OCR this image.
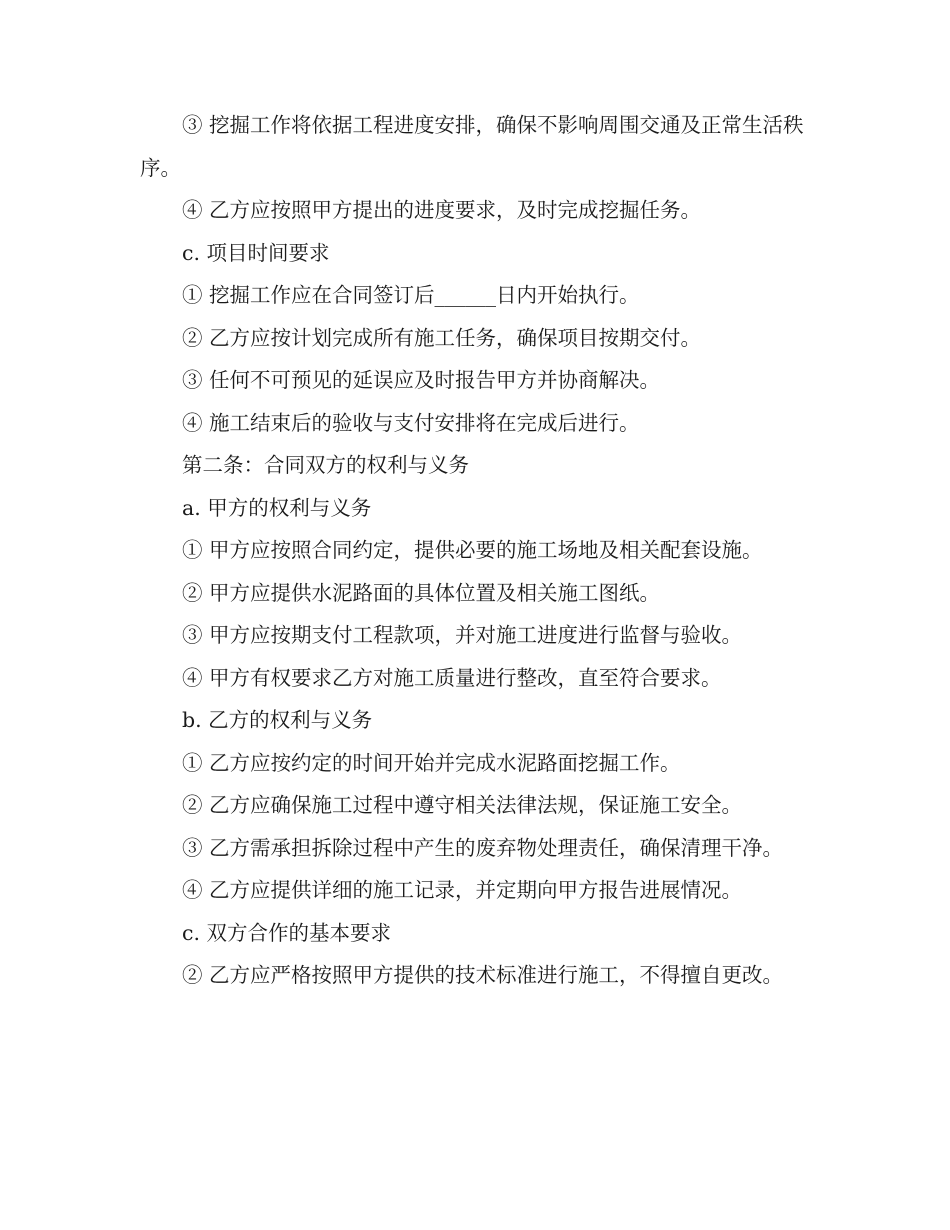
③ 挖掘工作将依据工程进度安排，确保不影响周围交通及正常生活秩序。

④ 乙方应按照甲方提出的进度要求，及时完成挖掘任务。

c. 项目时间要求

① 挖掘工作应在合同签订后______日内开始执行。

② 乙方应按计划完成所有施工任务，确保项目按期交付。

③ 任何不可预见的延误应及时报告甲方并协商解决。

④ 施工结束后的验收与支付安排将在完成后进行。

第二条：合同双方的权利与义务

a. 甲方的权利与义务

① 甲方应按照合同约定，提供必要的施工场地及相关配套设施。

② 甲方应提供水泥路面的具体位置及相关施工图纸。

③ 甲方应按期支付工程款项，并对施工进度进行监督与验收。

④ 甲方有权要求乙方对施工质量进行整改，直至符合要求。

b. 乙方的权利与义务

① 乙方应按约定的时间开始并完成水泥路面挖掘工作。

② 乙方应确保施工过程中遵守相关法律法规，保证施工安全。

③ 乙方需承担拆除过程中产生的废弃物处理责任，确保清理干净。

④ 乙方应提供详细的施工记录，并定期向甲方报告进展情况。

c. 双方合作的基本要求

② 乙方应严格按照甲方提供的技术标准进行施工，不得擅自更改。
